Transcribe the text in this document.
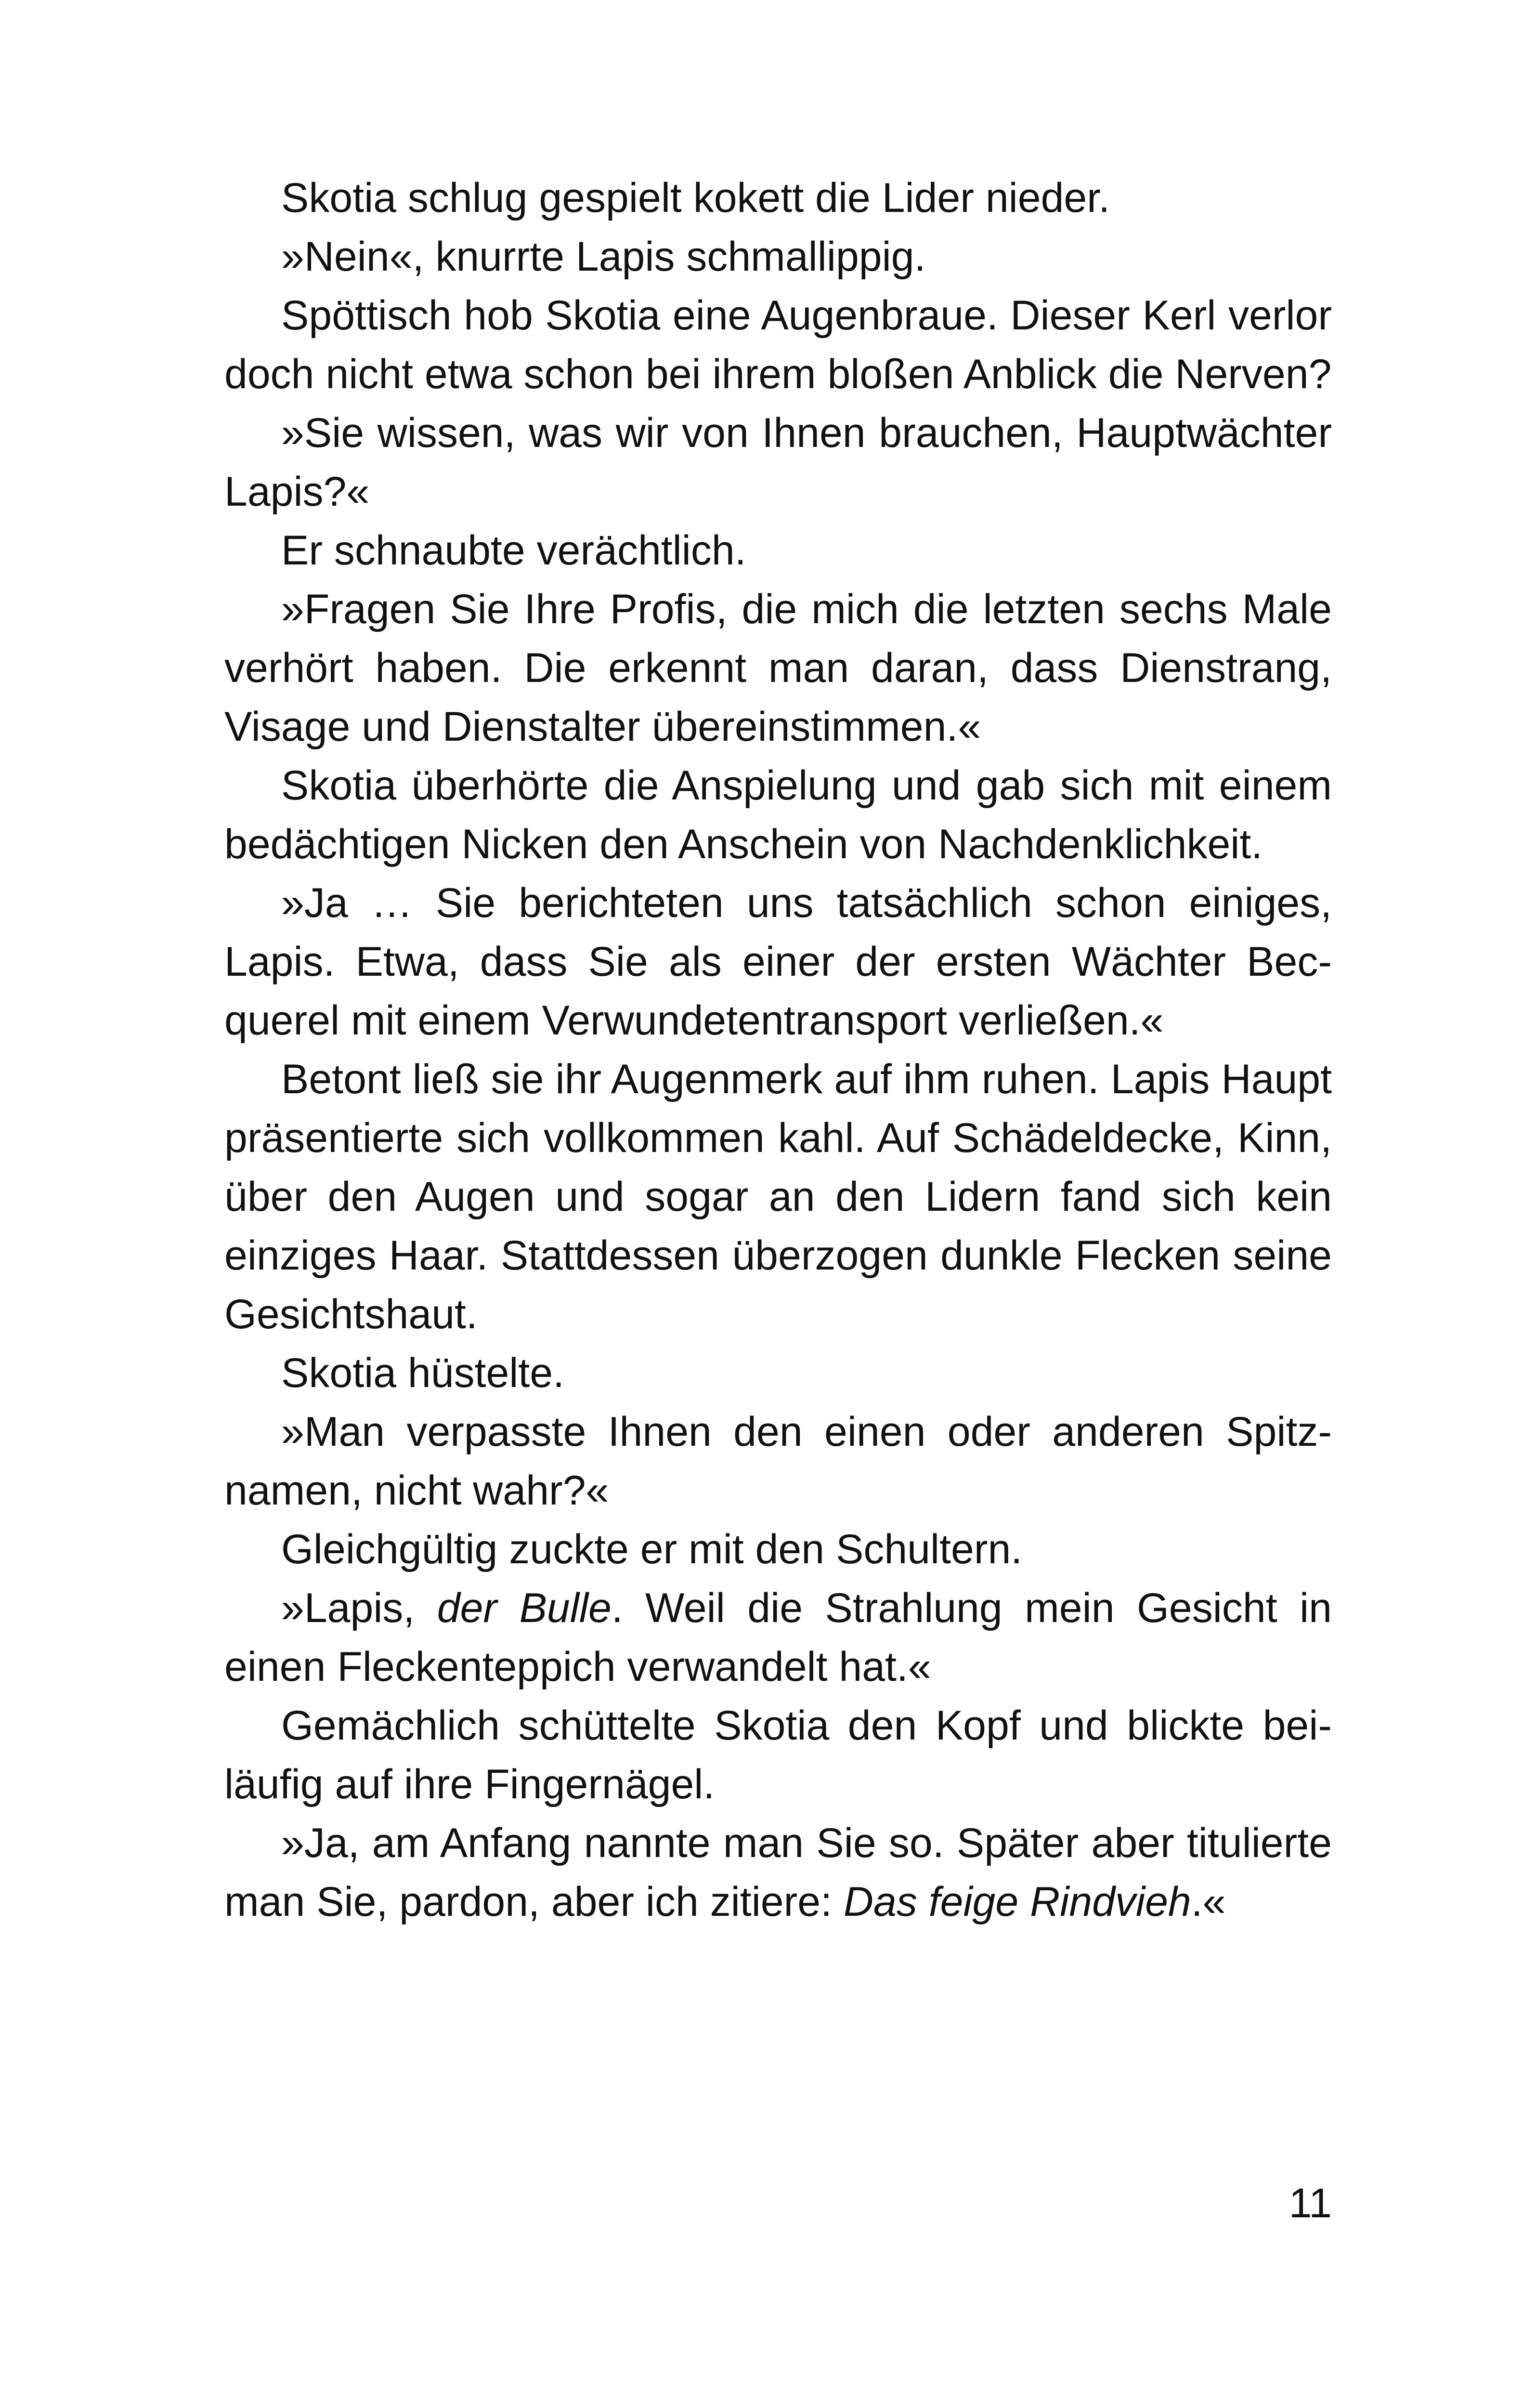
Skotia schlug gespielt kokett die Lider nieder.

»Nein«, knurrte Lapis schmallippig.

Spöttisch hob Skotia eine Augenbraue. Dieser Kerl verlor doch nicht etwa schon bei ihrem bloßen Anblick die Nerven?

»Sie wissen, was wir von Ihnen brauchen, Hauptwächter Lapis?«

Er schnaubte verächtlich.

»Fragen Sie Ihre Profis, die mich die letzten sechs Male verhört haben. Die erkennt man daran, dass Dienstrang, Visage und Dienstalter übereinstimmen.«

Skotia überhörte die Anspielung und gab sich mit einem bedächtigen Nicken den Anschein von Nachdenklichkeit.

»Ja … Sie berichteten uns tatsächlich schon einiges, Lapis. Etwa, dass Sie als einer der ersten Wächter Becquerel mit einem Verwundetentransport verließen.«

Betont ließ sie ihr Augenmerk auf ihm ruhen. Lapis Haupt präsentierte sich vollkommen kahl. Auf Schädeldecke, Kinn, über den Augen und sogar an den Lidern fand sich kein einziges Haar. Stattdessen überzogen dunkle Flecken seine Gesichtshaut.

Skotia hüstelte.

»Man verpasste Ihnen den einen oder anderen Spitznamen, nicht wahr?«

Gleichgültig zuckte er mit den Schultern.

»Lapis, der Bulle. Weil die Strahlung mein Gesicht in einen Fleckenteppich verwandelt hat.«

Gemächlich schüttelte Skotia den Kopf und blickte beiläufig auf ihre Fingernägel.

»Ja, am Anfang nannte man Sie so. Später aber titulierte man Sie, pardon, aber ich zitiere: Das feige Rindvieh.«

11
